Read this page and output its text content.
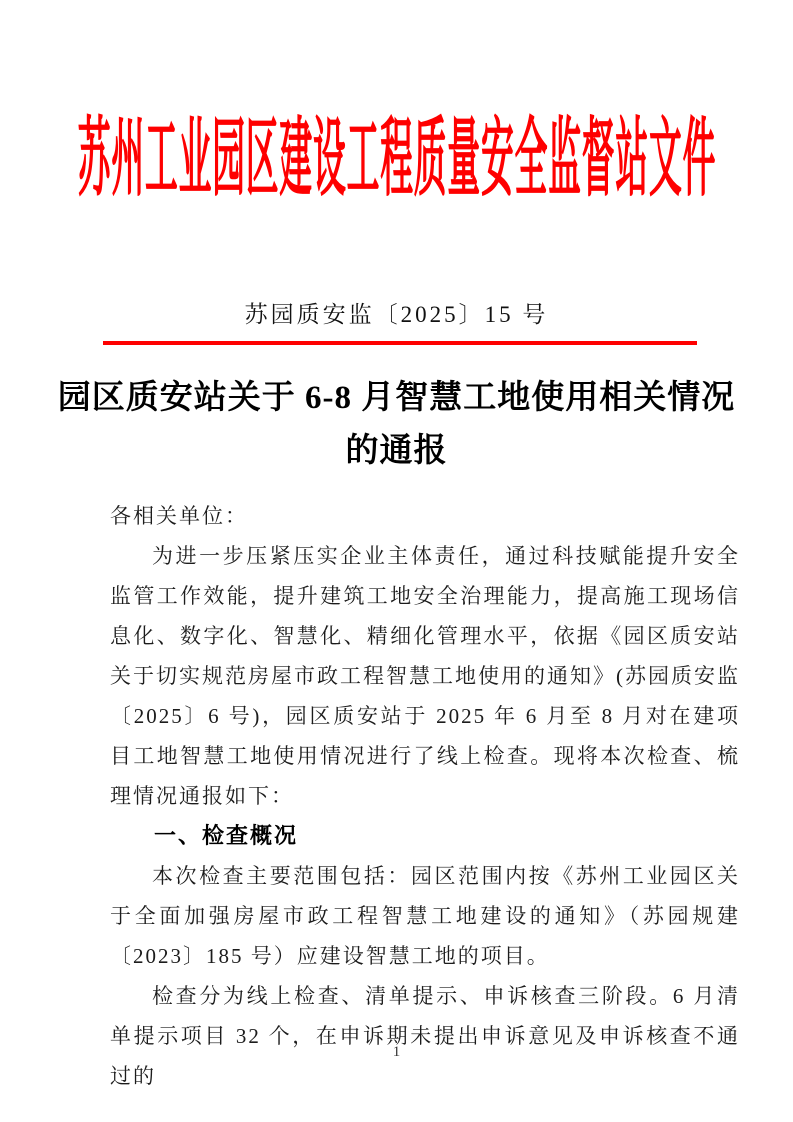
苏州工业园区建设工程质量安全监督站文件
苏园质安监〔2025〕15 号
园区质安站关于 6-8 月智慧工地使用相关情况
的通报

各相关单位：

为进一步压紧压实企业主体责任，通过科技赋能提升安全监管工作效能，提升建筑工地安全治理能力，提高施工现场信息化、数字化、智慧化、精细化管理水平，依据《园区质安站关于切实规范房屋市政工程智慧工地使用的通知》(苏园质安监〔2025〕6 号)，园区质安站于 2025 年 6 月至 8 月对在建项目工地智慧工地使用情况进行了线上检查。现将本次检查、梳理情况通报如下：

一、检查概况

本次检查主要范围包括：园区范围内按《苏州工业园区关于全面加强房屋市政工程智慧工地建设的通知》（苏园规建〔2023〕185 号）应建设智慧工地的项目。

检查分为线上检查、清单提示、申诉核查三阶段。6 月清单提示项目 32 个，在申诉期未提出申诉意见及申诉核查不通过的

1
